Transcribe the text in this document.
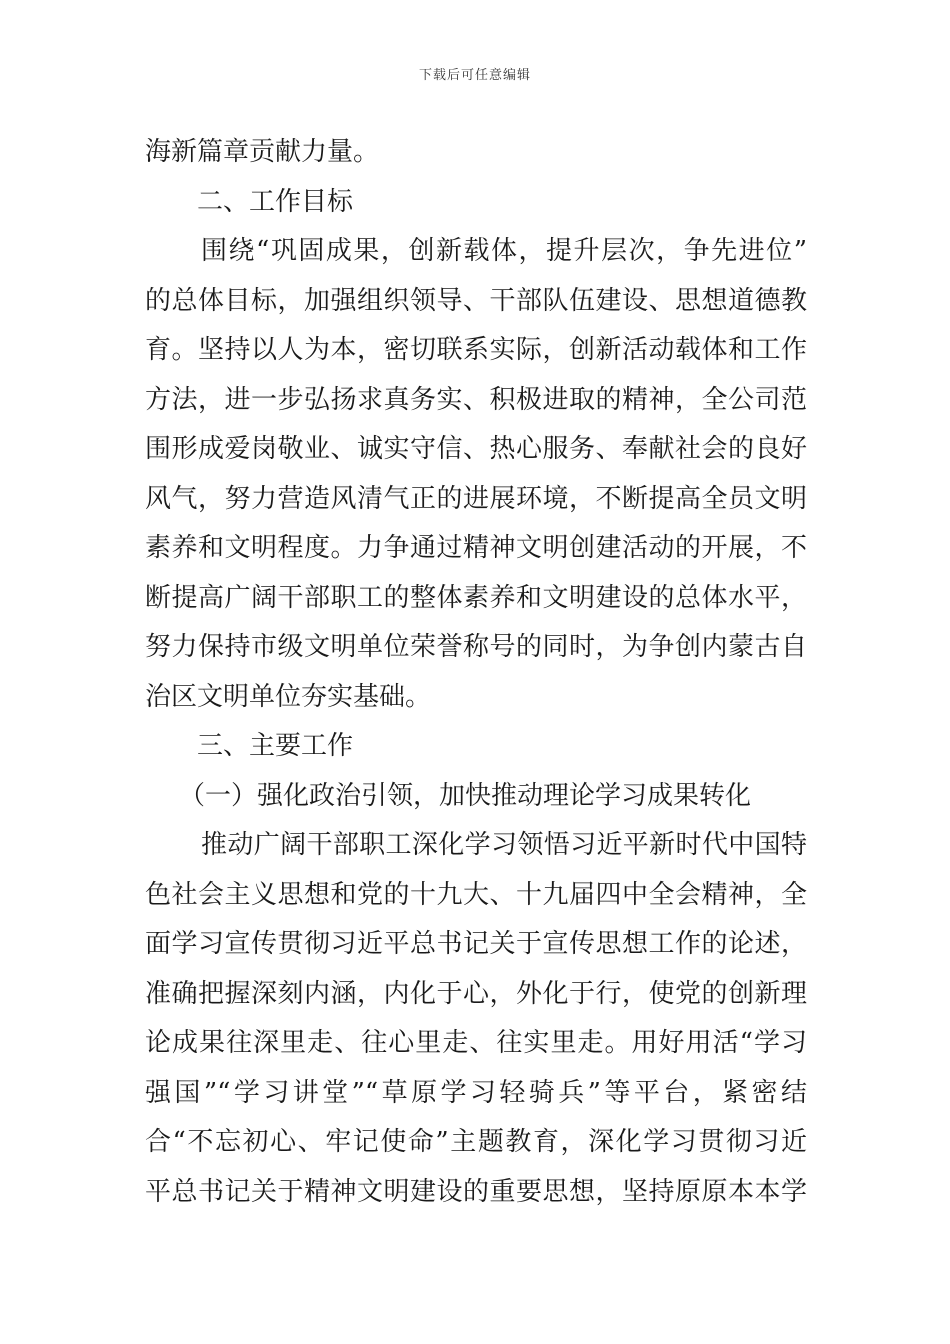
下载后可任意编辑
海新篇章贡献力量。
二、工作目标
围绕“巩固成果，创新载体，提升层次，争先进位”
的总体目标，加强组织领导、干部队伍建设、思想道德教
育。坚持以人为本，密切联系实际，创新活动载体和工作
方法，进一步弘扬求真务实、积极进取的精神，全公司范
围形成爱岗敬业、诚实守信、热心服务、奉献社会的良好
风气，努力营造风清气正的进展环境，不断提高全员文明
素养和文明程度。力争通过精神文明创建活动的开展，不
断提高广阔干部职工的整体素养和文明建设的总体水平，
努力保持市级文明单位荣誉称号的同时，为争创内蒙古自
治区文明单位夯实基础。
三、主要工作
（一）强化政治引领，加快推动理论学习成果转化
推动广阔干部职工深化学习领悟习近平新时代中国特
色社会主义思想和党的十九大、十九届四中全会精神，全
面学习宣传贯彻习近平总书记关于宣传思想工作的论述，
准确把握深刻内涵，内化于心，外化于行，使党的创新理
论成果往深里走、往心里走、往实里走。用好用活“学习
强国”“学习讲堂”“草原学习轻骑兵”等平台，紧密结
合“不忘初心、牢记使命”主题教育，深化学习贯彻习近
平总书记关于精神文明建设的重要思想，坚持原原本本学
